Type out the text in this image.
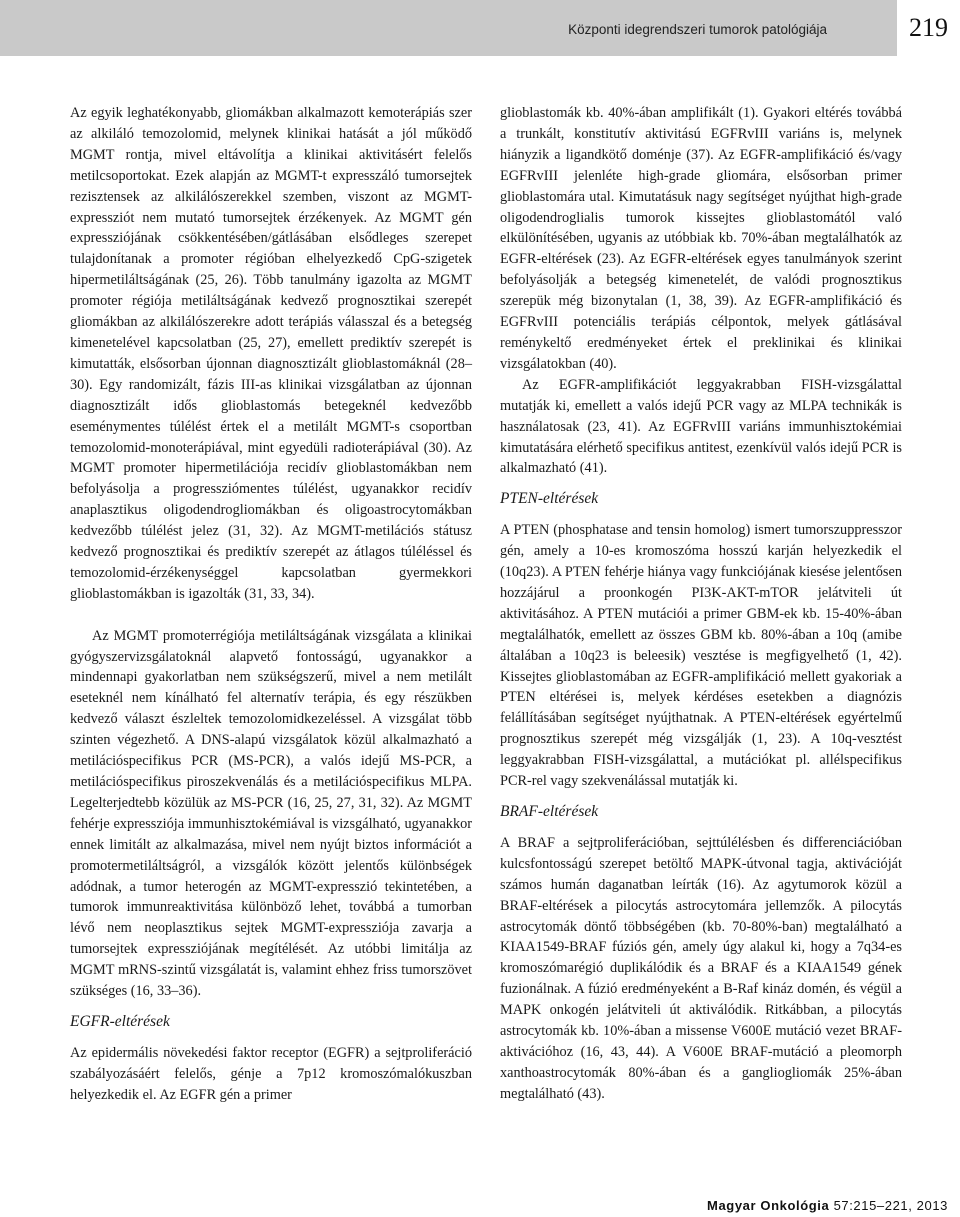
Központi idegrendszeri tumorok patológiája	219

Az egyik leghatékonyabb, gliomákban alkalmazott kemoterápiás szer az alkiláló temozolomid, melynek klinikai hatását a jól működő MGMT rontja, mivel eltávolítja a klinikai aktivitásért felelős metilcsoportokat. Ezek alapján az MGMT-t expresszáló tumorsejtek rezisztensek az alkilálószerekkel szemben, viszont az MGMT-expressziót nem mutató tumorsejtek érzékenyek. Az MGMT gén expressziójának csökkentésében/gátlásában elsődleges szerepet tulajdonítanak a promoter régióban elhelyezkedő CpG-szigetek hipermetiláltságának (25, 26). Több tanulmány igazolta az MGMT promoter régiója metiláltságának kedvező prognosztikai szerepét gliomákban az alkilálószerekre adott terápiás válasszal és a betegség kimenetelével kapcsolatban (25, 27), emellett prediktív szerepét is kimutatták, elsősorban újonnan diagnosztizált glioblastomáknál (28–30). Egy randomizált, fázis III-as klinikai vizsgálatban az újonnan diagnosztizált idős glioblastomás betegeknél kedvezőbb eseménymentes túlélést értek el a metilált MGMT-s csoportban temozolomid-monoterápiával, mint egyedüli radioterápiával (30). Az MGMT promoter hipermetilációja recidív glioblastomákban nem befolyásolja a progressziómentes túlélést, ugyanakkor recidív anaplasztikus oligodendrogliomákban és oligoastrocytomákban kedvezőbb túlélést jelez (31, 32). Az MGMT-metilációs státusz kedvező prognosztikai és prediktív szerepét az átlagos túléléssel és temozolomid-érzékenységgel kapcsolatban gyermekkori glioblastomákban is igazolták (31, 33, 34).

Az MGMT promoterrégiója metiláltságának vizsgálata a klinikai gyógyszervizsgálatoknál alapvető fontosságú, ugyanakkor a mindennapi gyakorlatban nem szükségszerű, mivel a nem metilált eseteknél nem kínálható fel alternatív terápia, és egy részükben kedvező választ észleltek temozolomidkezeléssel. A vizsgálat több szinten végezhető. A DNS-alapú vizsgálatok közül alkalmazható a metilációspecifikus PCR (MS-PCR), a valós idejű MS-PCR, a metilációspecifikus piroszekvenálás és a metilációspecifikus MLPA. Legelterjedtebb közülük az MS-PCR (16, 25, 27, 31, 32). Az MGMT fehérje expressziója immunhisztokémiával is vizsgálható, ugyanakkor ennek limitált az alkalmazása, mivel nem nyújt biztos információt a promotermetiláltságról, a vizsgálók között jelentős különbségek adódnak, a tumor heterogén az MGMT-expresszió tekintetében, a tumorok immunreaktivitása különböző lehet, továbbá a tumorban lévő nem neoplasztikus sejtek MGMT-expressziója zavarja a tumorsejtek expressziójának megítélését. Az utóbbi limitálja az MGMT mRNS-szintű vizsgálatát is, valamint ehhez friss tumorszövet szükséges (16, 33–36).

EGFR-eltérések

Az epidermális növekedési faktor receptor (EGFR) a sejtproliferáció szabályozásáért felelős, génje a 7p12 kromoszómalókuszban helyezkedik el. Az EGFR gén a primer

glioblastomák kb. 40%-ában amplifikált (1). Gyakori eltérés továbbá a trunkált, konstitutív aktivitású EGFRvIII variáns is, melynek hiányzik a ligandkötő doménje (37). Az EGFR-amplifikáció és/vagy EGFRvIII jelenléte high-grade gliomára, elsősorban primer glioblastomára utal. Kimutatásuk nagy segítséget nyújthat high-grade oligodendroglialis tumorok kissejtes glioblastomától való elkülönítésében, ugyanis az utóbbiak kb. 70%-ában megtalálhatók az EGFR-eltérések (23). Az EGFR-eltérések egyes tanulmányok szerint befolyásolják a betegség kimenetelét, de valódi prognosztikus szerepük még bizonytalan (1, 38, 39). Az EGFR-amplifikáció és EGFRvIII potenciális terápiás célpontok, melyek gátlásával reménykeltő eredményeket értek el preklinikai és klinikai vizsgálatokban (40).

Az EGFR-amplifikációt leggyakrabban FISH-vizsgálattal mutatják ki, emellett a valós idejű PCR vagy az MLPA technikák is használatosak (23, 41). Az EGFRvIII variáns immunhisztokémiai kimutatására elérhető specifikus antitest, ezenkívül valós idejű PCR is alkalmazható (41).

PTEN-eltérések

A PTEN (phosphatase and tensin homolog) ismert tumorszuppresszor gén, amely a 10-es kromoszóma hosszú karján helyezkedik el (10q23). A PTEN fehérje hiánya vagy funkciójának kiesése jelentősen hozzájárul a proonkogén PI3K-AKT-mTOR jelátviteli út aktivitásához. A PTEN mutációi a primer GBM-ek kb. 15-40%-ában megtalálhatók, emellett az összes GBM kb. 80%-ában a 10q (amibe általában a 10q23 is beleesik) vesztése is megfigyelhető (1, 42). Kissejtes glioblastomában az EGFR-amplifikáció mellett gyakoriak a PTEN eltérései is, melyek kérdéses esetekben a diagnózis felállításában segítséget nyújthatnak. A PTEN-eltérések egyértelmű prognosztikus szerepét még vizsgálják (1, 23). A 10q-vesztést leggyakrabban FISH-vizsgálattal, a mutációkat pl. allélspecifikus PCR-rel vagy szekvenálással mutatják ki.

BRAF-eltérések

A BRAF a sejtproliferációban, sejttúlélésben és differenciációban kulcsfontosságú szerepet betöltő MAPK-útvonal tagja, aktivációját számos humán daganatban leírták (16). Az agytumorok közül a BRAF-eltérések a pilocytás astrocytomára jellemzők. A pilocytás astrocytomák döntő többségében (kb. 70-80%-ban) megtalálható a KIAA1549-BRAF fúziós gén, amely úgy alakul ki, hogy a 7q34-es kromoszómarégió duplikálódik és a BRAF és a KIAA1549 gének fuzionálnak. A fúzió eredményeként a B-Raf kináz domén, és végül a MAPK onkogén jelátviteli út aktiválódik. Ritkábban, a pilocytás astrocytomák kb. 10%-ában a missense V600E mutáció vezet BRAF-aktivációhoz (16, 43, 44). A V600E BRAF-mutáció a pleomorph xanthoastrocytomák 80%-ában és a gangliogliomák 25%-ában megtalálható (43).

Magyar Onkológia 57:215–221, 2013
